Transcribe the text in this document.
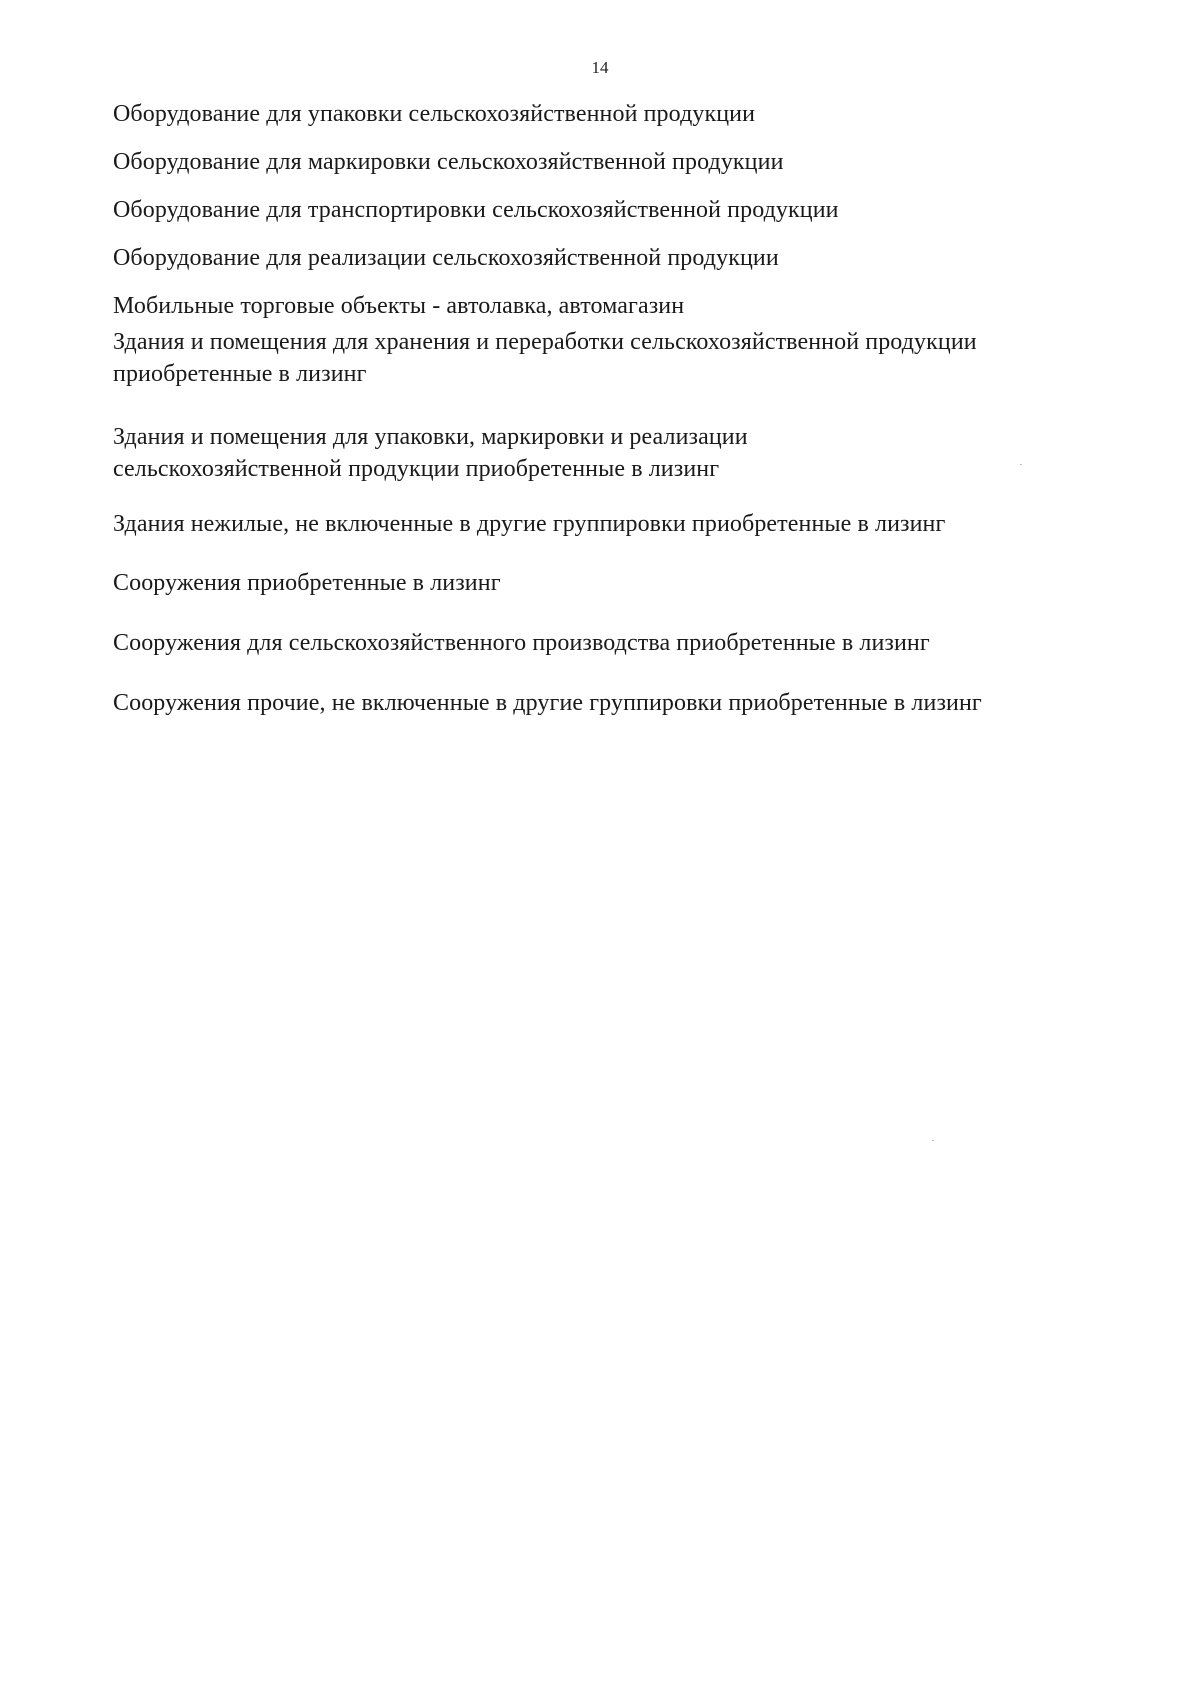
14
Оборудование для упаковки сельскохозяйственной продукции
Оборудование для маркировки сельскохозяйственной продукции
Оборудование для транспортировки сельскохозяйственной продукции
Оборудование для реализации сельскохозяйственной продукции
Мобильные торговые объекты - автолавка, автомагазин
Здания и помещения для хранения и переработки сельскохозяйственной продукции приобретенные в лизинг
Здания и помещения для упаковки, маркировки и реализации сельскохозяйственной продукции приобретенные в лизинг
Здания нежилые, не включенные в другие группировки приобретенные в лизинг
Сооружения приобретенные в лизинг
Сооружения для сельскохозяйственного производства приобретенные в лизинг
Сооружения прочие, не включенные в другие группировки приобретенные в лизинг
